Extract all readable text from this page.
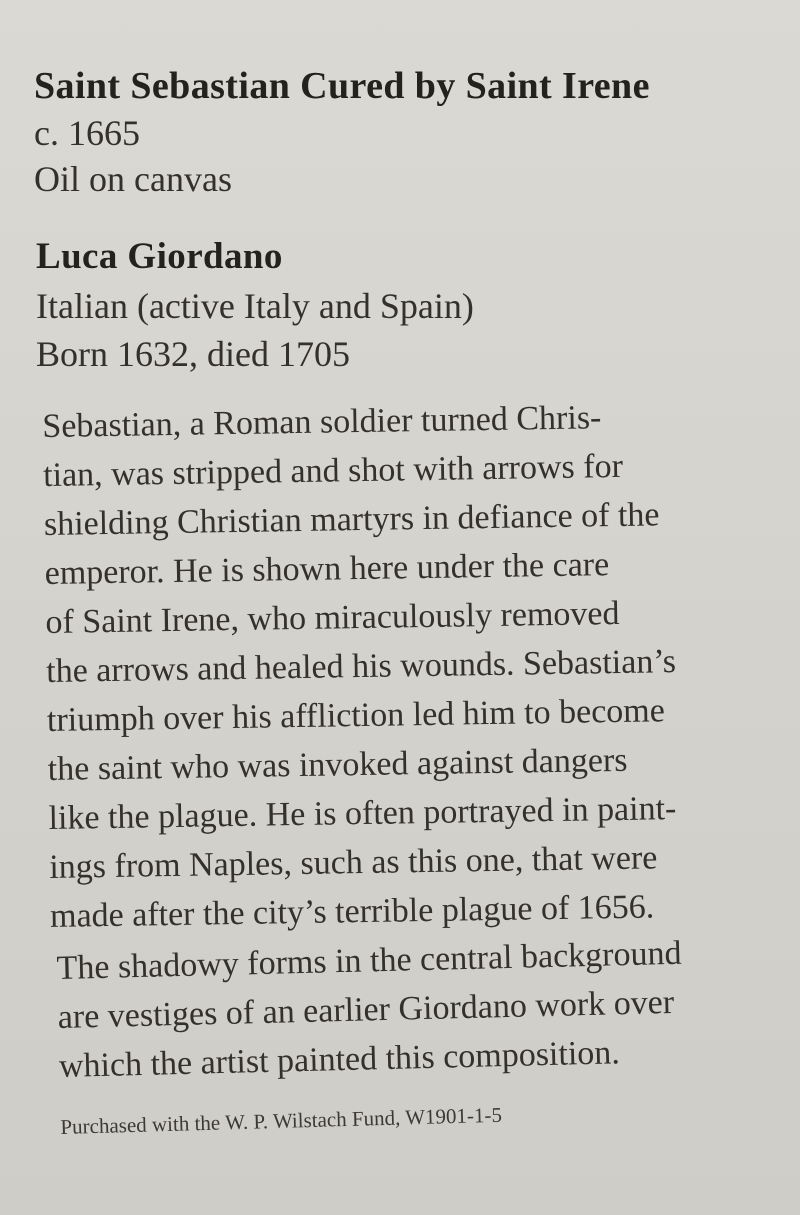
Saint Sebastian Cured by Saint Irene

c. 1665

Oil on canvas

Luca Giordano

Italian (active Italy and Spain)

Born 1632, died 1705

Sebastian, a Roman soldier turned Chris-
tian, was stripped and shot with arrows for
shielding Christian martyrs in defiance of the
emperor. He is shown here under the care
of Saint Irene, who miraculously removed
the arrows and healed his wounds. Sebastian’s
triumph over his affliction led him to become
the saint who was invoked against dangers
like the plague. He is often portrayed in paint-
ings from Naples, such as this one, that were
made after the city’s terrible plague of 1656.

The shadowy forms in the central background
are vestiges of an earlier Giordano work over
which the artist painted this composition.

Purchased with the W. P. Wilstach Fund, W1901-1-5
